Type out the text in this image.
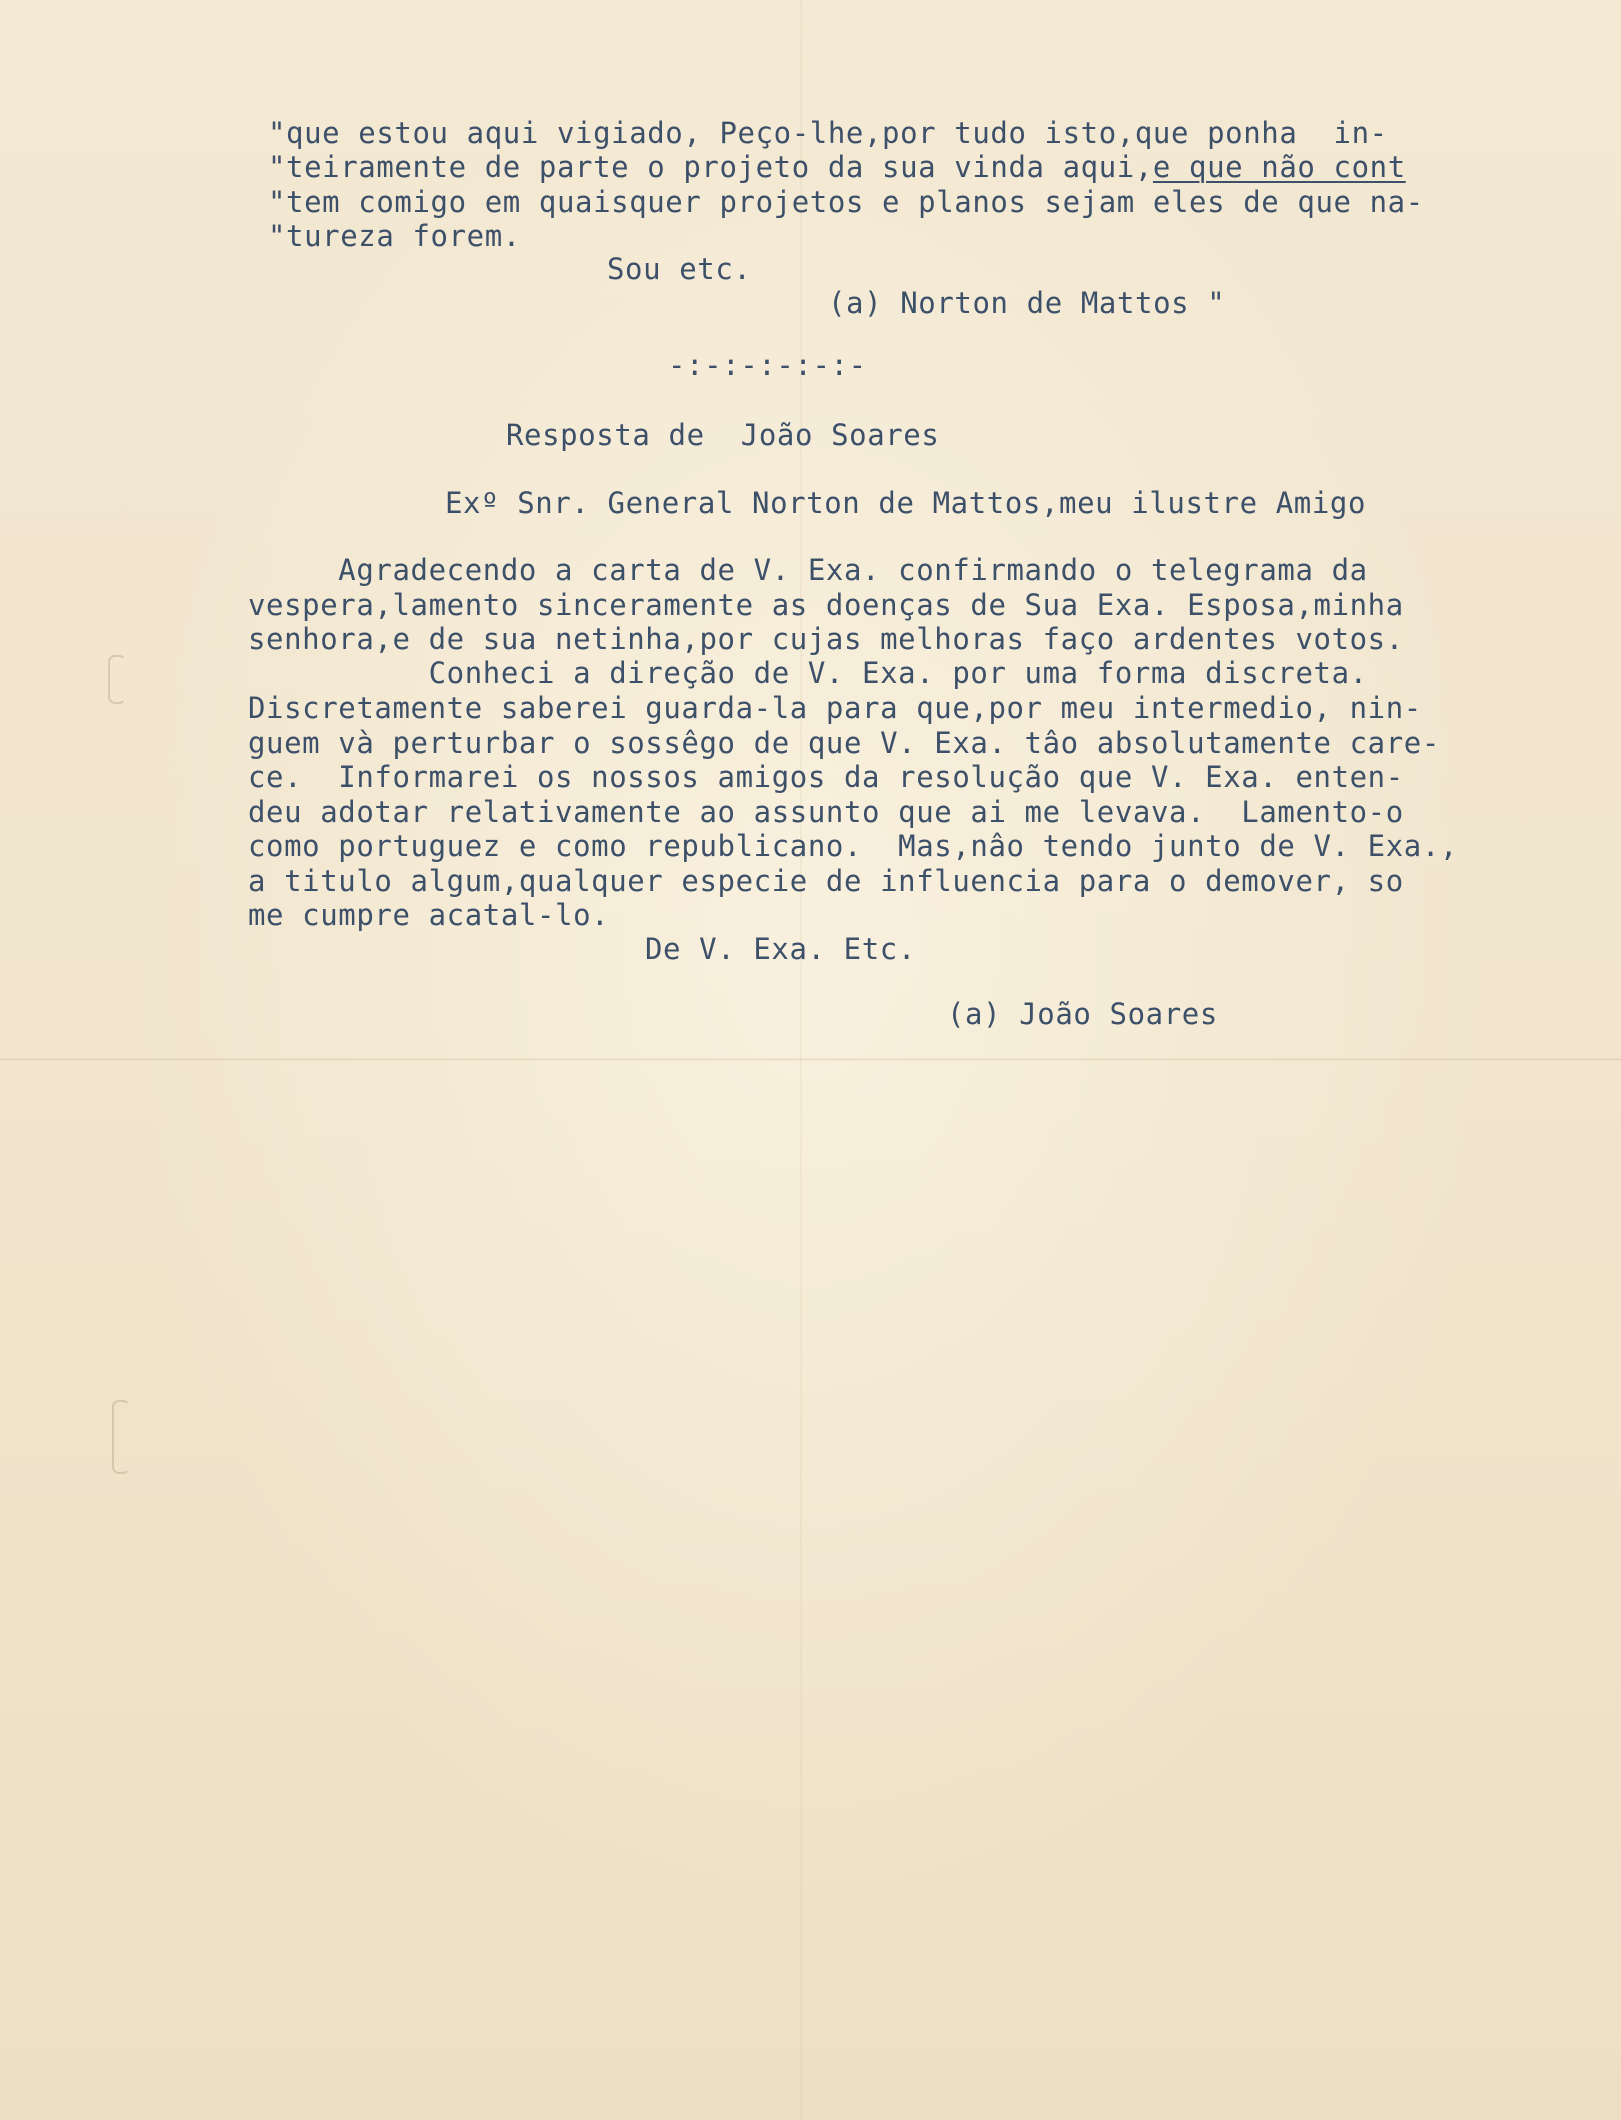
"que estou aqui vigiado, Peço-lhe,por tudo isto,que ponha  in-
"teiramente de parte o projeto da sua vinda aqui,e que não cont
"tem comigo em quaisquer projetos e planos sejam eles de que na-
"tureza forem.
Sou etc.
(a) Norton de Mattos "
-:-:-:-:-:-
Resposta de  João Soares
Exº Snr. General Norton de Mattos,meu ilustre Amigo
Agradecendo a carta de V. Exa. confirmando o telegrama da
vespera,lamento sinceramente as doenças de Sua Exa. Esposa,minha
senhora,e de sua netinha,por cujas melhoras faço ardentes votos.
Conheci a direção de V. Exa. por uma forma discreta.
Discretamente saberei guarda-la para que,por meu intermedio, nin-
guem và perturbar o sossêgo de que V. Exa. tâo absolutamente care-
ce.  Informarei os nossos amigos da resolução que V. Exa. enten-
deu adotar relativamente ao assunto que ai me levava.  Lamento-o
como portuguez e como republicano.  Mas,nâo tendo junto de V. Exa.,
a titulo algum,qualquer especie de influencia para o demover, so
me cumpre acatal-lo.
De V. Exa. Etc.
(a) João Soares
